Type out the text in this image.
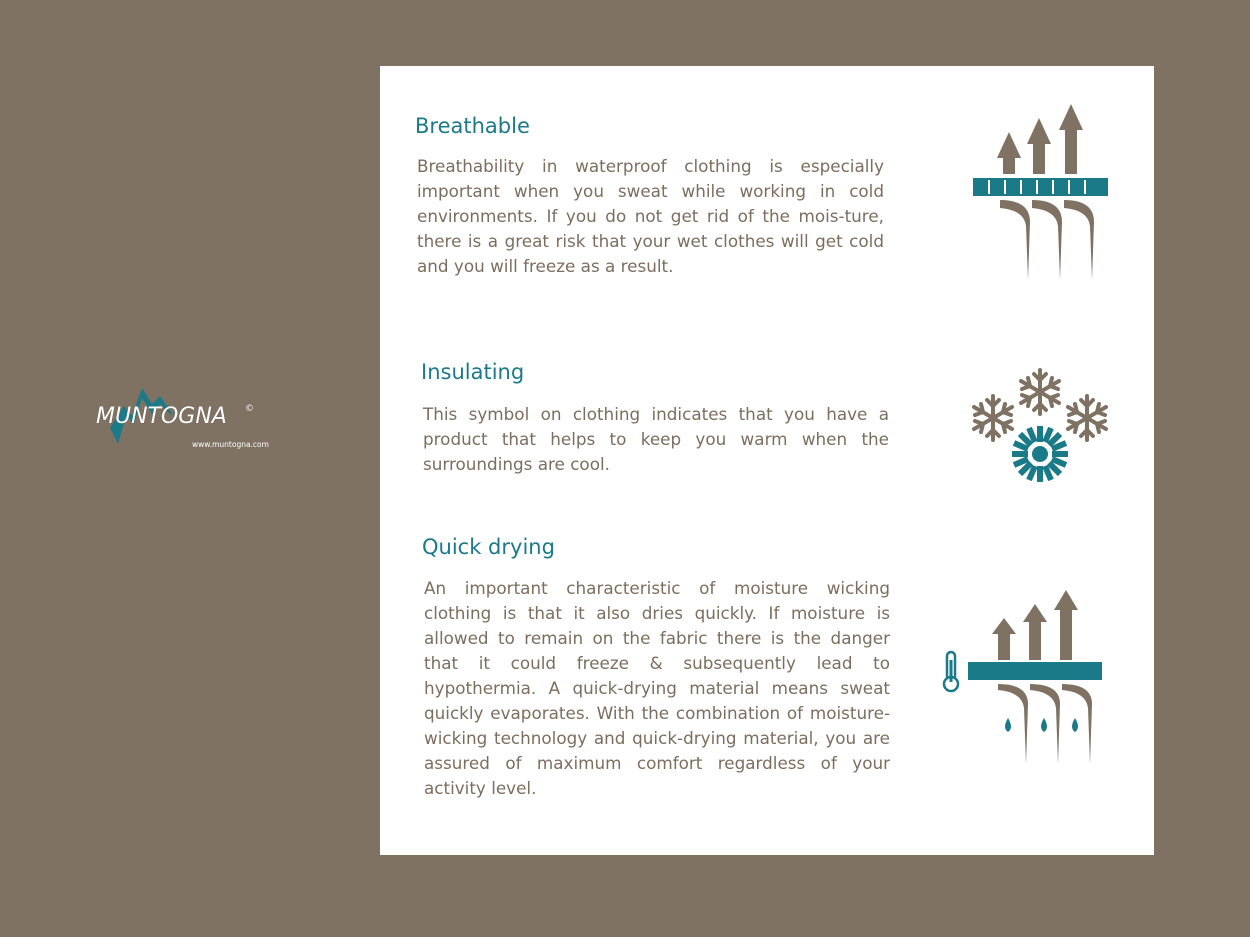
MUNTOGNA ©
www.muntogna.com
Breathable

Breathability in waterproof clothing is especially important when you sweat while working in cold environments. If you do not get rid of the mois-ture, there is a great risk that your wet clothes will get cold and you will freeze as a result.

Insulating

This symbol on clothing indicates that you have a product that helps to keep you warm when the surroundings are cool.

Quick drying

An important characteristic of moisture wicking clothing is that it also dries quickly. If moisture is allowed to remain on the fabric there is the danger that it could freeze & subsequently lead to hypothermia. A quick-drying material means sweat quickly evaporates. With the combination of moisture-wicking technology and quick-drying material, you are assured of maximum comfort regardless of your activity level.
